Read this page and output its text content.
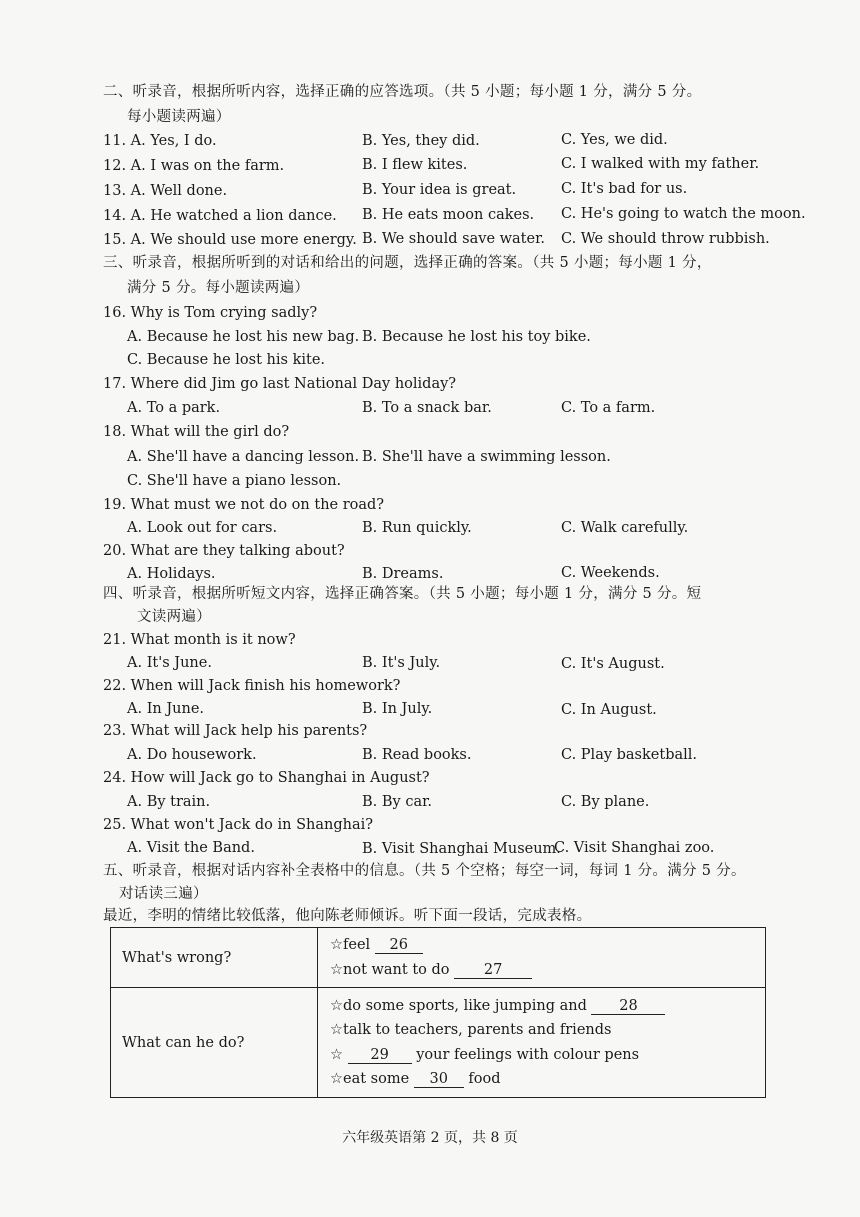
二、听录音，根据所听内容，选择正确的应答选项。（共 5 小题；每小题 1 分，满分 5 分。
每小题读两遍）
11. A. Yes, I do.	B. Yes, they did.	C. Yes, we did.
12. A. I was on the farm.	B. I flew kites.	C. I walked with my father.
13. A. Well done.	B. Your idea is great.	C. It's bad for us.
14. A. He watched a lion dance. B. He eats moon cakes. C. He's going to watch the moon.
15. A. We should use more energy. B. We should save water. C. We should throw rubbish.
三、听录音，根据所听到的对话和给出的问题，选择正确的答案。（共 5 小题；每小题 1 分，
满分 5 分。每小题读两遍）
16. Why is Tom crying sadly?
A. Because he lost his new bag. B. Because he lost his toy bike.
C. Because he lost his kite.
17. Where did Jim go last National Day holiday?
A. To a park.	B. To a snack bar.	C. To a farm.
18. What will the girl do?
A. She'll have a dancing lesson. B. She'll have a swimming lesson.
C. She'll have a piano lesson.
19. What must we not do on the road?
A. Look out for cars.	B. Run quickly.	C. Walk carefully.
20. What are they talking about?
A. Holidays.	B. Dreams.	C. Weekends.
四、听录音，根据所听短文内容，选择正确答案。（共 5 小题；每小题 1 分，满分 5 分。短
文读两遍）
21. What month is it now?
A. It's June.	B. It's July.	C. It's August.
22. When will Jack finish his homework?
A. In June.	B. In July.	C. In August.
23. What will Jack help his parents?
A. Do housework.	B. Read books.	C. Play basketball.
24. How will Jack go to Shanghai in August?
A. By train.	B. By car.	C. By plane.
25. What won't Jack do in Shanghai?
A. Visit the Band.	B. Visit Shanghai Museum.
C. Visit Shanghai zoo.
五、听录音，根据对话内容补全表格中的信息。（共 5 个空格；每空一词，每词 1 分。满分 5 分。
对话读三遍）
最近，李明的情绪比较低落，他向陈老师倾诉。听下面一段话，完成表格。
What's wrong?	☆feel 26
☆not want to do 27

What can he do?	☆do some sports, like jumping and 28
☆talk to teachers, parents and friends
☆ 29 your feelings with colour pens
☆eat some 30 food
六年级英语第 2 页，共 8 页
